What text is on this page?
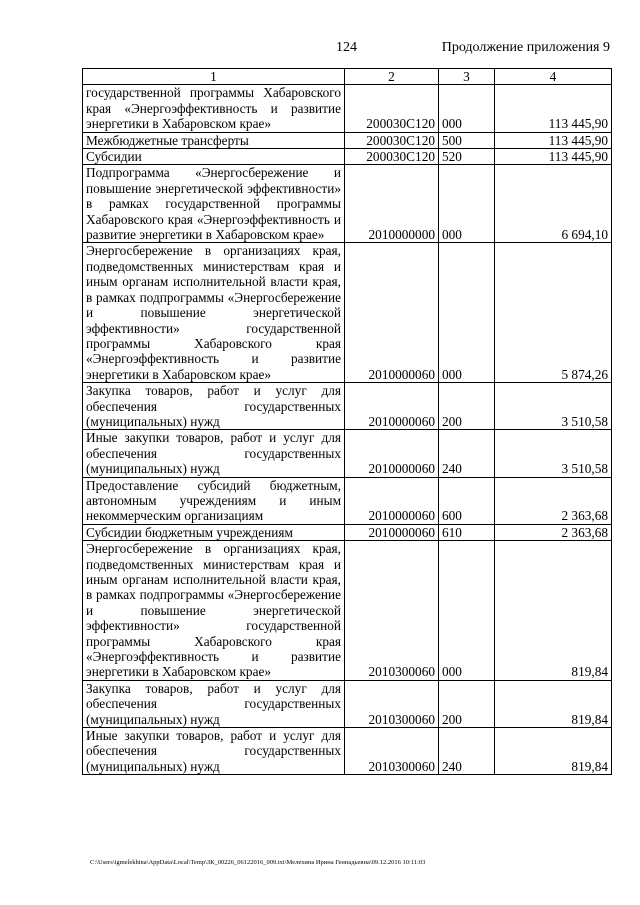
124	Продолжение приложения 9
1	2	3	4
государственной программы Хабаровского края «Энергоэффективность и развитие энергетики в Хабаровском крае»	200030С120	000	113 445,90
Межбюджетные трансферты	200030С120	500	113 445,90
Субсидии	200030С120	520	113 445,90
Подпрограмма «Энергосбережение и повышение энергетической эффективности» в рамках государственной программы Хабаровского края «Энергоэффективность и развитие энергетики в Хабаровском крае»	2010000000	000	6 694,10
Энергосбережение в организациях края, подведомственных министерствам края и иным органам исполнительной власти края, в рамках подпрограммы «Энергосбережение и повышение энергетической эффективности» государственной программы Хабаровского края «Энергоэффективность и развитие энергетики в Хабаровском крае»	2010000060	000	5 874,26
Закупка товаров, работ и услуг для обеспечения государственных (муниципальных) нужд	2010000060	200	3 510,58
Иные закупки товаров, работ и услуг для обеспечения государственных (муниципальных) нужд	2010000060	240	3 510,58
Предоставление субсидий бюджетным, автономным учреждениям и иным некоммерческим организациям	2010000060	600	2 363,68
Субсидии бюджетным учреждениям	2010000060	610	2 363,68
Энергосбережение в организациях края, подведомственных министерствам края и иным органам исполнительной власти края, в рамках подпрограммы «Энергосбережение и повышение энергетической эффективности» государственной программы Хабаровского края «Энергоэффективность и развитие энергетики в Хабаровском крае»	2010300060	000	819,84
Закупка товаров, работ и услуг для обеспечения государственных (муниципальных) нужд	2010300060	200	819,84
Иные закупки товаров, работ и услуг для обеспечения государственных (муниципальных) нужд	2010300060	240	819,84
C:\Users\igmelekhina\AppData\Local\Temp\ЗК_00226_06122016_009.txt\Мелехина Ирина Геннадьевна\09.12.2016 10:11:03
